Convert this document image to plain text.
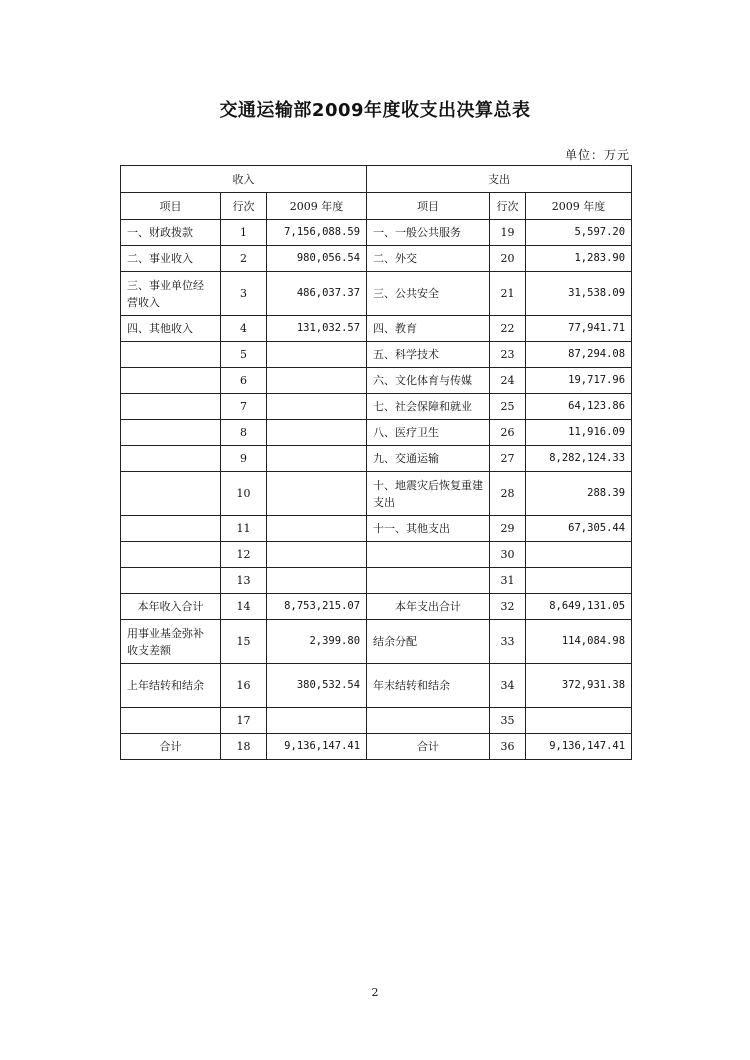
交通运输部2009年度收支出决算总表
单位：万元
收入			支出		
项目	行次	2009 年度	项目	行次	2009 年度
一、财政拨款	1	7,156,088.59	一、一般公共服务	19	5,597.20
二、事业收入	2	980,056.54	二、外交	20	1,283.90
三、事业单位经营收入	3	486,037.37	三、公共安全	21	31,538.09
四、其他收入	4	131,032.57	四、教育	22	77,941.71
	5		五、科学技术	23	87,294.08
	6		六、文化体育与传媒	24	19,717.96
	7		七、社会保障和就业	25	64,123.86
	8		八、医疗卫生	26	11,916.09
	9		九、交通运输	27	8,282,124.33
	10		十、地震灾后恢复重建支出	28	288.39
	11		十一、其他支出	29	67,305.44
	12			30	
	13			31	
本年收入合计	14	8,753,215.07	本年支出合计	32	8,649,131.05
用事业基金弥补收支差额	15	2,399.80	结余分配	33	114,084.98
上年结转和结余	16	380,532.54	年末结转和结余	34	372,931.38
	17			35	
合计	18	9,136,147.41	合计	36	9,136,147.41
2
